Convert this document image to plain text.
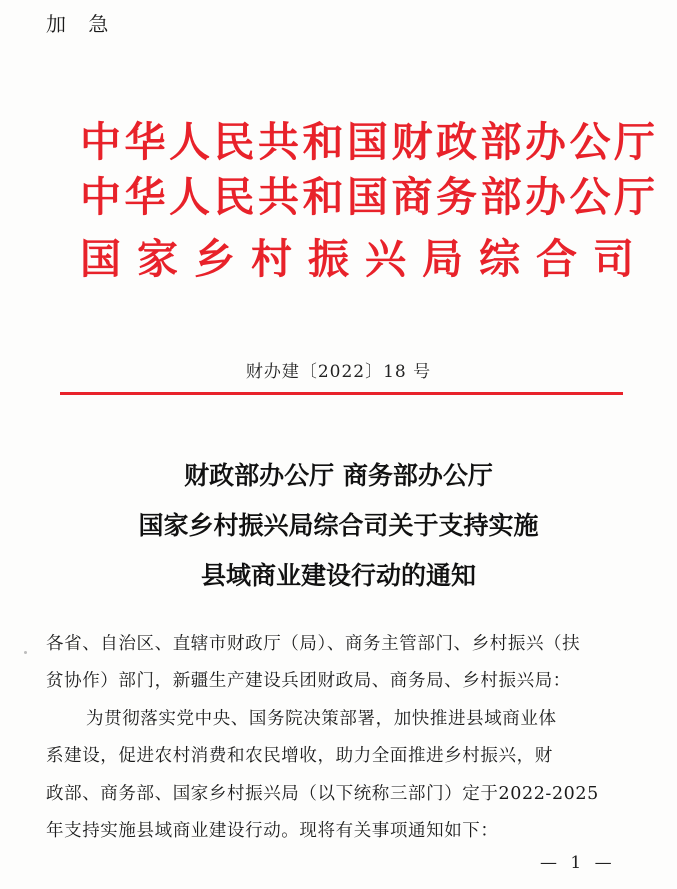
加 急
中华人民共和国财政部办公厅
中华人民共和国商务部办公厅
国家乡村振兴局综合司
财办建〔2022〕18 号
财政部办公厅 商务部办公厅
国家乡村振兴局综合司关于支持实施
县域商业建设行动的通知
各省、自治区、直辖市财政厅（局）、商务主管部门、乡村振兴（扶
贫协作）部门，新疆生产建设兵团财政局、商务局、乡村振兴局：
为贯彻落实党中央、国务院决策部署，加快推进县域商业体
系建设，促进农村消费和农民增收，助力全面推进乡村振兴，财
政部、商务部、国家乡村振兴局（以下统称三部门）定于2022-2025
年支持实施县域商业建设行动。现将有关事项通知如下：
— 1 —
